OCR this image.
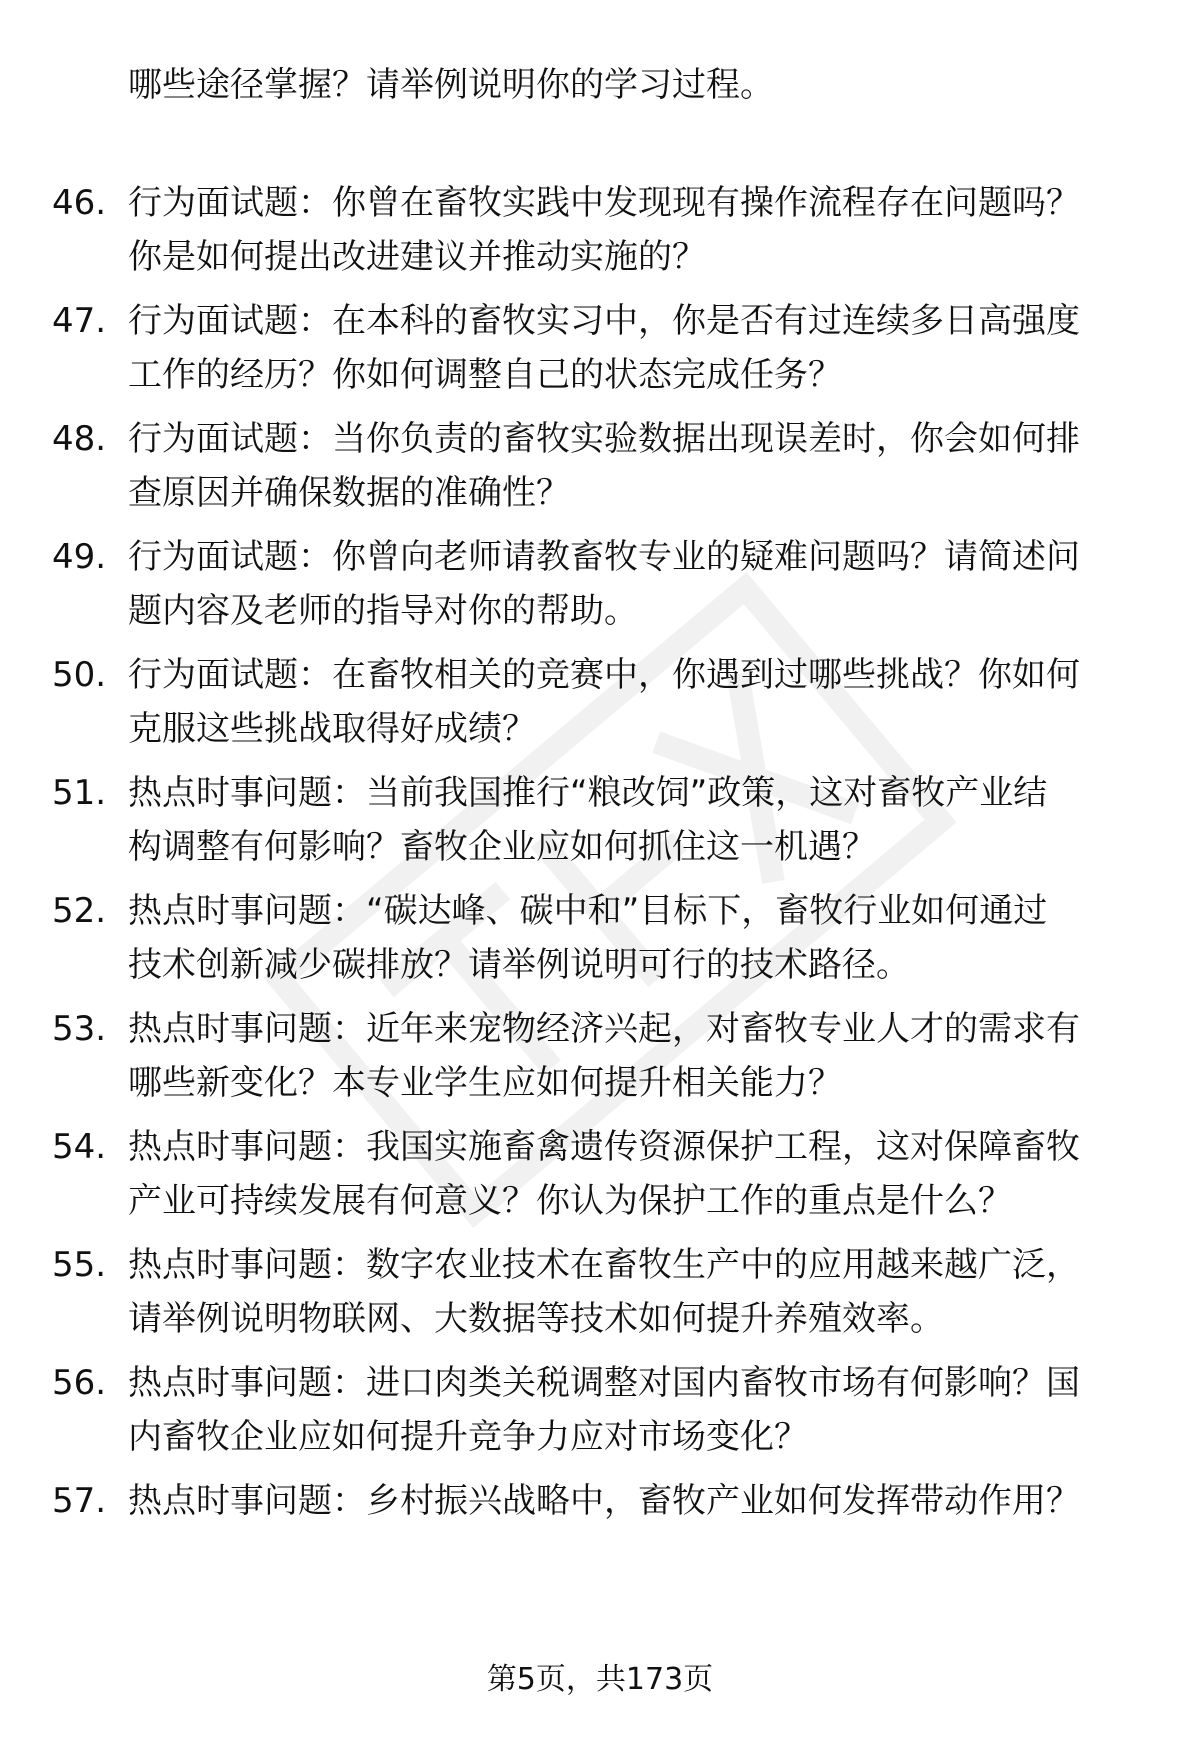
哪些途径掌握？请举例说明你的学习过程。
46. 行为面试题：你曾在畜牧实践中发现现有操作流程存在问题吗？
你是如何提出改进建议并推动实施的？
47. 行为面试题：在本科的畜牧实习中，你是否有过连续多日高强度
工作的经历？你如何调整自己的状态完成任务？
48. 行为面试题：当你负责的畜牧实验数据出现误差时，你会如何排
查原因并确保数据的准确性？
49. 行为面试题：你曾向老师请教畜牧专业的疑难问题吗？请简述问
题内容及老师的指导对你的帮助。
50. 行为面试题：在畜牧相关的竞赛中，你遇到过哪些挑战？你如何
克服这些挑战取得好成绩？
51. 热点时事问题：当前我国推行“粮改饲”政策，这对畜牧产业结
构调整有何影响？畜牧企业应如何抓住这一机遇？
52. 热点时事问题：“碳达峰、碳中和”目标下，畜牧行业如何通过
技术创新减少碳排放？请举例说明可行的技术路径。
53. 热点时事问题：近年来宠物经济兴起，对畜牧专业人才的需求有
哪些新变化？本专业学生应如何提升相关能力？
54. 热点时事问题：我国实施畜禽遗传资源保护工程，这对保障畜牧
产业可持续发展有何意义？你认为保护工作的重点是什么？
55. 热点时事问题：数字农业技术在畜牧生产中的应用越来越广泛，
请举例说明物联网、大数据等技术如何提升养殖效率。
56. 热点时事问题：进口肉类关税调整对国内畜牧市场有何影响？国
内畜牧企业应如何提升竞争力应对市场变化？
57. 热点时事问题：乡村振兴战略中，畜牧产业如何发挥带动作用？
第5页，共173页
